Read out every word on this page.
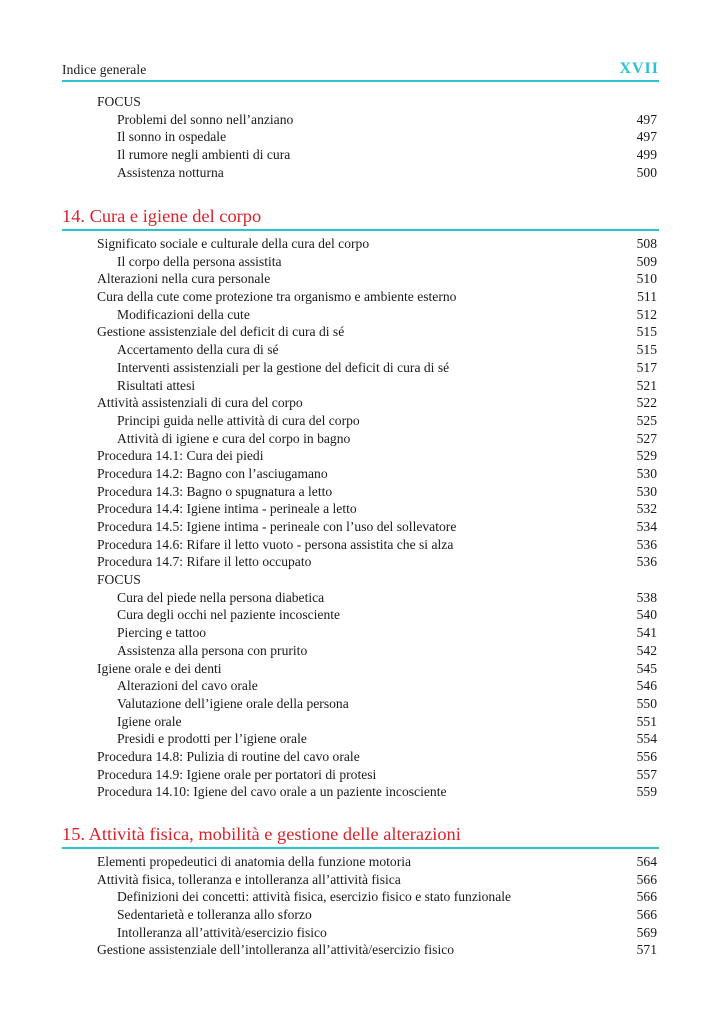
Indice generale	XVII
FOCUS
Problemi del sonno nell’anziano	497
Il sonno in ospedale	497
Il rumore negli ambienti di cura	499
Assistenza notturna	500
14. Cura e igiene del corpo
Significato sociale e culturale della cura del corpo	508
Il corpo della persona assistita	509
Alterazioni nella cura personale	510
Cura della cute come protezione tra organismo e ambiente esterno	511
Modificazioni della cute	512
Gestione assistenziale del deficit di cura di sé	515
Accertamento della cura di sé	515
Interventi assistenziali per la gestione del deficit di cura di sé	517
Risultati attesi	521
Attività assistenziali di cura del corpo	522
Principi guida nelle attività di cura del corpo	525
Attività di igiene e cura del corpo in bagno	527
Procedura 14.1: Cura dei piedi	529
Procedura 14.2: Bagno con l’asciugamano	530
Procedura 14.3: Bagno o spugnatura a letto	530
Procedura 14.4: Igiene intima - perineale a letto	532
Procedura 14.5: Igiene intima - perineale con l’uso del sollevatore	534
Procedura 14.6: Rifare il letto vuoto - persona assistita che si alza	536
Procedura 14.7: Rifare il letto occupato	536
FOCUS
Cura del piede nella persona diabetica	538
Cura degli occhi nel paziente incosciente	540
Piercing e tattoo	541
Assistenza alla persona con prurito	542
Igiene orale e dei denti	545
Alterazioni del cavo orale	546
Valutazione dell’igiene orale della persona	550
Igiene orale	551
Presidi e prodotti per l’igiene orale	554
Procedura 14.8: Pulizia di routine del cavo orale	556
Procedura 14.9: Igiene orale per portatori di protesi	557
Procedura 14.10: Igiene del cavo orale a un paziente incosciente	559
15. Attività fisica, mobilità e gestione delle alterazioni
Elementi propedeutici di anatomia della funzione motoria	564
Attività fisica, tolleranza e intolleranza all’attività fisica	566
Definizioni dei concetti: attività fisica, esercizio fisico e stato funzionale	566
Sedentarietà e tolleranza allo sforzo	566
Intolleranza all’attività/esercizio fisico	569
Gestione assistenziale dell’intolleranza all’attività/esercizio fisico	571
